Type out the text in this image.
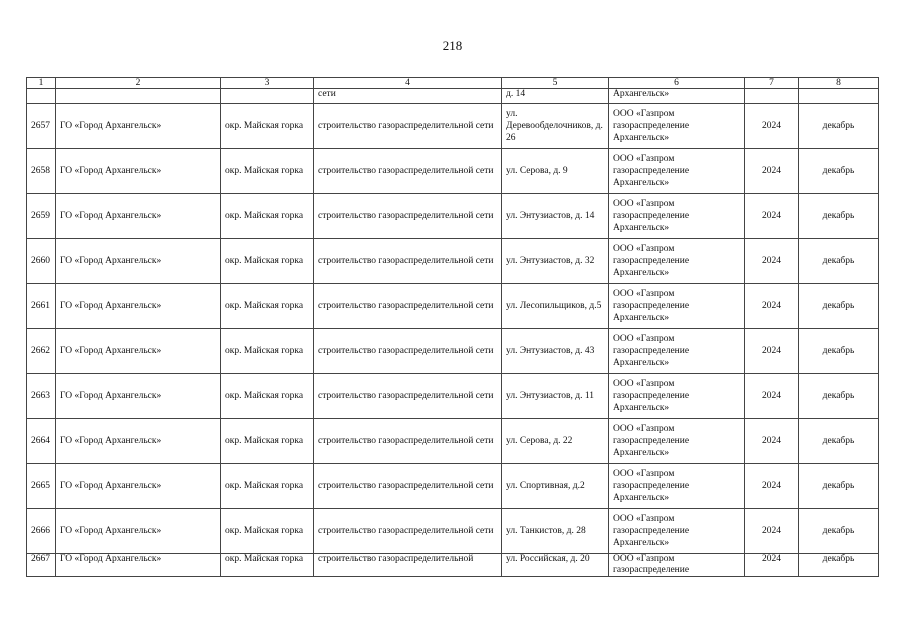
218
1	2	3	4	5	6	7	8
			сети	д. 14	Архангельск»		
2657	ГО «Город Архангельск»	окр. Майская горка	строительство газораспределительной сети	ул. Деревообделочников, д. 26	ООО «Газпром газораспределение Архангельск»	2024	декабрь
2658	ГО «Город Архангельск»	окр. Майская горка	строительство газораспределительной сети	ул. Серова, д. 9	ООО «Газпром газораспределение Архангельск»	2024	декабрь
2659	ГО «Город Архангельск»	окр. Майская горка	строительство газораспределительной сети	ул. Энтузиастов, д. 14	ООО «Газпром газораспределение Архангельск»	2024	декабрь
2660	ГО «Город Архангельск»	окр. Майская горка	строительство газораспределительной сети	ул. Энтузиастов, д. 32	ООО «Газпром газораспределение Архангельск»	2024	декабрь
2661	ГО «Город Архангельск»	окр. Майская горка	строительство газораспределительной сети	ул. Лесопильщиков, д.5	ООО «Газпром газораспределение Архангельск»	2024	декабрь
2662	ГО «Город Архангельск»	окр. Майская горка	строительство газораспределительной сети	ул. Энтузиастов, д. 43	ООО «Газпром газораспределение Архангельск»	2024	декабрь
2663	ГО «Город Архангельск»	окр. Майская горка	строительство газораспределительной сети	ул. Энтузиастов, д. 11	ООО «Газпром газораспределение Архангельск»	2024	декабрь
2664	ГО «Город Архангельск»	окр. Майская горка	строительство газораспределительной сети	ул. Серова, д. 22	ООО «Газпром газораспределение Архангельск»	2024	декабрь
2665	ГО «Город Архангельск»	окр. Майская горка	строительство газораспределительной сети	ул. Спортивная, д.2	ООО «Газпром газораспределение Архангельск»	2024	декабрь
2666	ГО «Город Архангельск»	окр. Майская горка	строительство газораспределительной сети	ул. Танкистов, д. 28	ООО «Газпром газораспределение Архангельск»	2024	декабрь
2667	ГО «Город Архангельск»	окр. Майская горка	строительство газораспределительной	ул. Российская, д. 20	ООО «Газпром газораспределение	2024	декабрь
